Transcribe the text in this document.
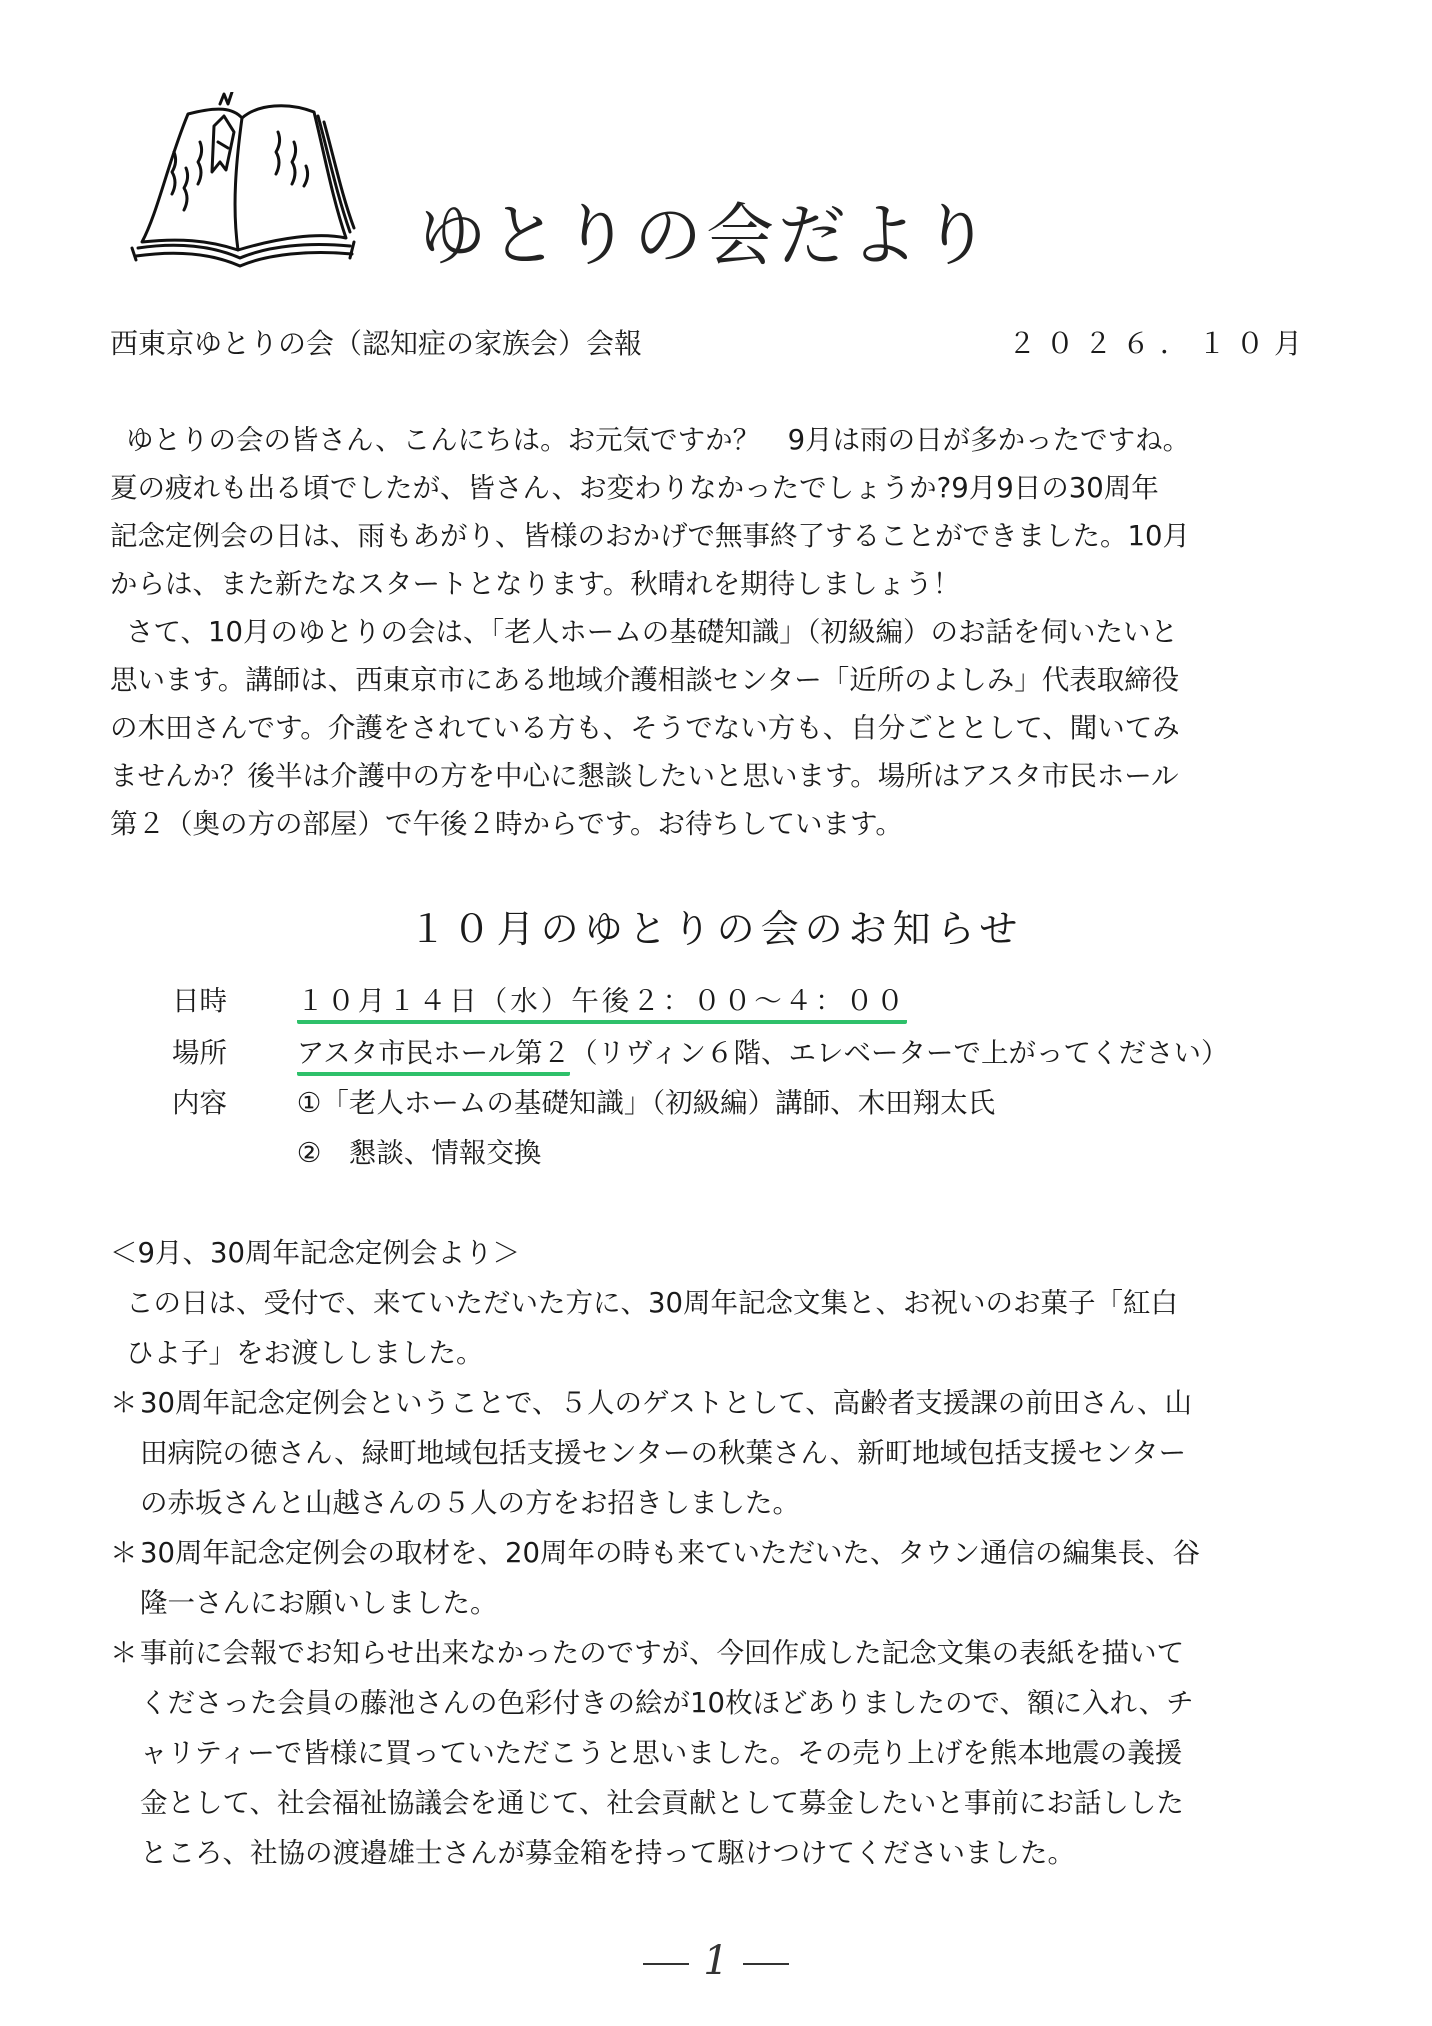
ゆとりの会だより
西東京ゆとりの会（認知症の家族会）会報	２０２６．１０月
ゆとりの会の皆さん、こんにちは。お元気ですか？　9月は雨の日が多かったですね。
夏の疲れも出る頃でしたが、皆さん、お変わりなかったでしょうか?9月9日の30周年
記念定例会の日は、雨もあがり、皆様のおかげで無事終了することができました。10月
からは、また新たなスタートとなります。秋晴れを期待しましょう！
さて、10月のゆとりの会は、「老人ホームの基礎知識」（初級編）のお話を伺いたいと
思います。講師は、西東京市にある地域介護相談センター「近所のよしみ」代表取締役
の木田さんです。介護をされている方も、そうでない方も、自分ごととして、聞いてみ
ませんか？後半は介護中の方を中心に懇談したいと思います。場所はアスタ市民ホール
第２（奥の方の部屋）で午後２時からです。お待ちしています。
１０月のゆとりの会のお知らせ
日時	１０月１４日（水）午後２：００～４：００
場所	アスタ市民ホール第２（リヴィン６階、エレベーターで上がってください）
内容	①「老人ホームの基礎知識」（初級編）講師、木田翔太氏
②　懇談、情報交換
＜9月、30周年記念定例会より＞
この日は、受付で、来ていただいた方に、30周年記念文集と、お祝いのお菓子「紅白
ひよ子」をお渡ししました。
＊30周年記念定例会ということで、５人のゲストとして、高齢者支援課の前田さん、山
田病院の徳さん、緑町地域包括支援センターの秋葉さん、新町地域包括支援センター
の赤坂さんと山越さんの５人の方をお招きしました。
＊30周年記念定例会の取材を、20周年の時も来ていただいた、タウン通信の編集長、谷
隆一さんにお願いしました。
＊事前に会報でお知らせ出来なかったのですが、今回作成した記念文集の表紙を描いて
くださった会員の藤池さんの色彩付きの絵が10枚ほどありましたので、額に入れ、チ
ャリティーで皆様に買っていただこうと思いました。その売り上げを熊本地震の義援
金として、社会福祉協議会を通じて、社会貢献として募金したいと事前にお話しした
ところ、社協の渡邉雄士さんが募金箱を持って駆けつけてくださいました。
1
